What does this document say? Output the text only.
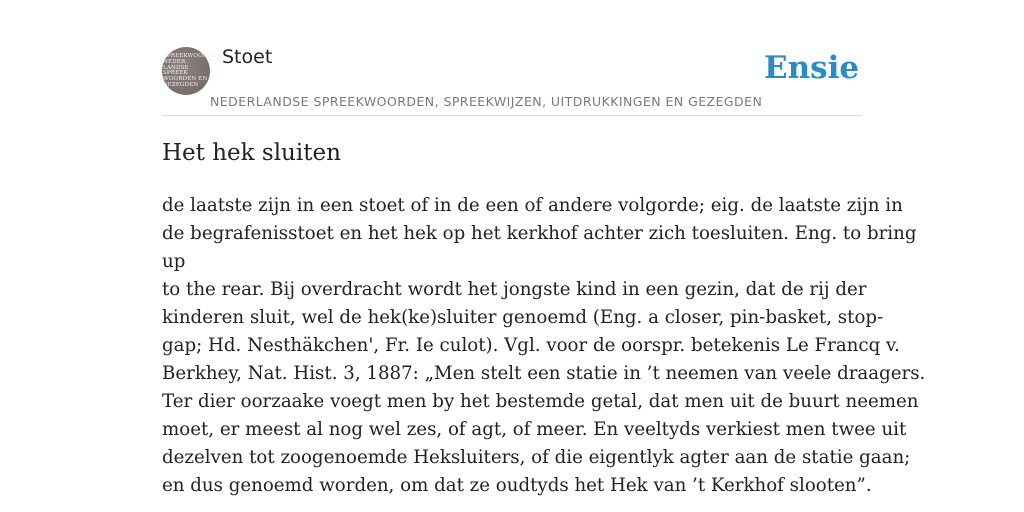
SPREEKWOORDEN
NEDER-
LANDSE
SPREEK
WOORDEN EN
GEZEGDEN
Stoet	Ensie
NEDERLANDSE SPREEKWOORDEN, SPREEKWIJZEN, UITDRUKKINGEN EN GEZEGDEN
Het hek sluiten

de laatste zijn in een stoet of in de een of andere volgorde; eig. de laatste zijn in

de begrafenisstoet en het hek op het kerkhof achter zich toesluiten. Eng. to bring

up

to the rear. Bij overdracht wordt het jongste kind in een gezin, dat de rij der

kinderen sluit, wel de hek(ke)sluiter genoemd (Eng. a closer, pin-basket, stop-

gap; Hd. Nesthäkchen', Fr. Ie culot). Vgl. voor de oorspr. betekenis Le Francq v.

Berkhey, Nat. Hist. 3, 1887: „Men stelt een statie in ’t neemen van veele draagers.

Ter dier oorzaake voegt men by het bestemde getal, dat men uit de buurt neemen

moet, er meest al nog wel zes, of agt, of meer. En veeltyds verkiest men twee uit

dezelven tot zoogenoemde Heksluiters, of die eigentlyk agter aan de statie gaan;

en dus genoemd worden, om dat ze oudtyds het Hek van ’t Kerkhof slooten”.
